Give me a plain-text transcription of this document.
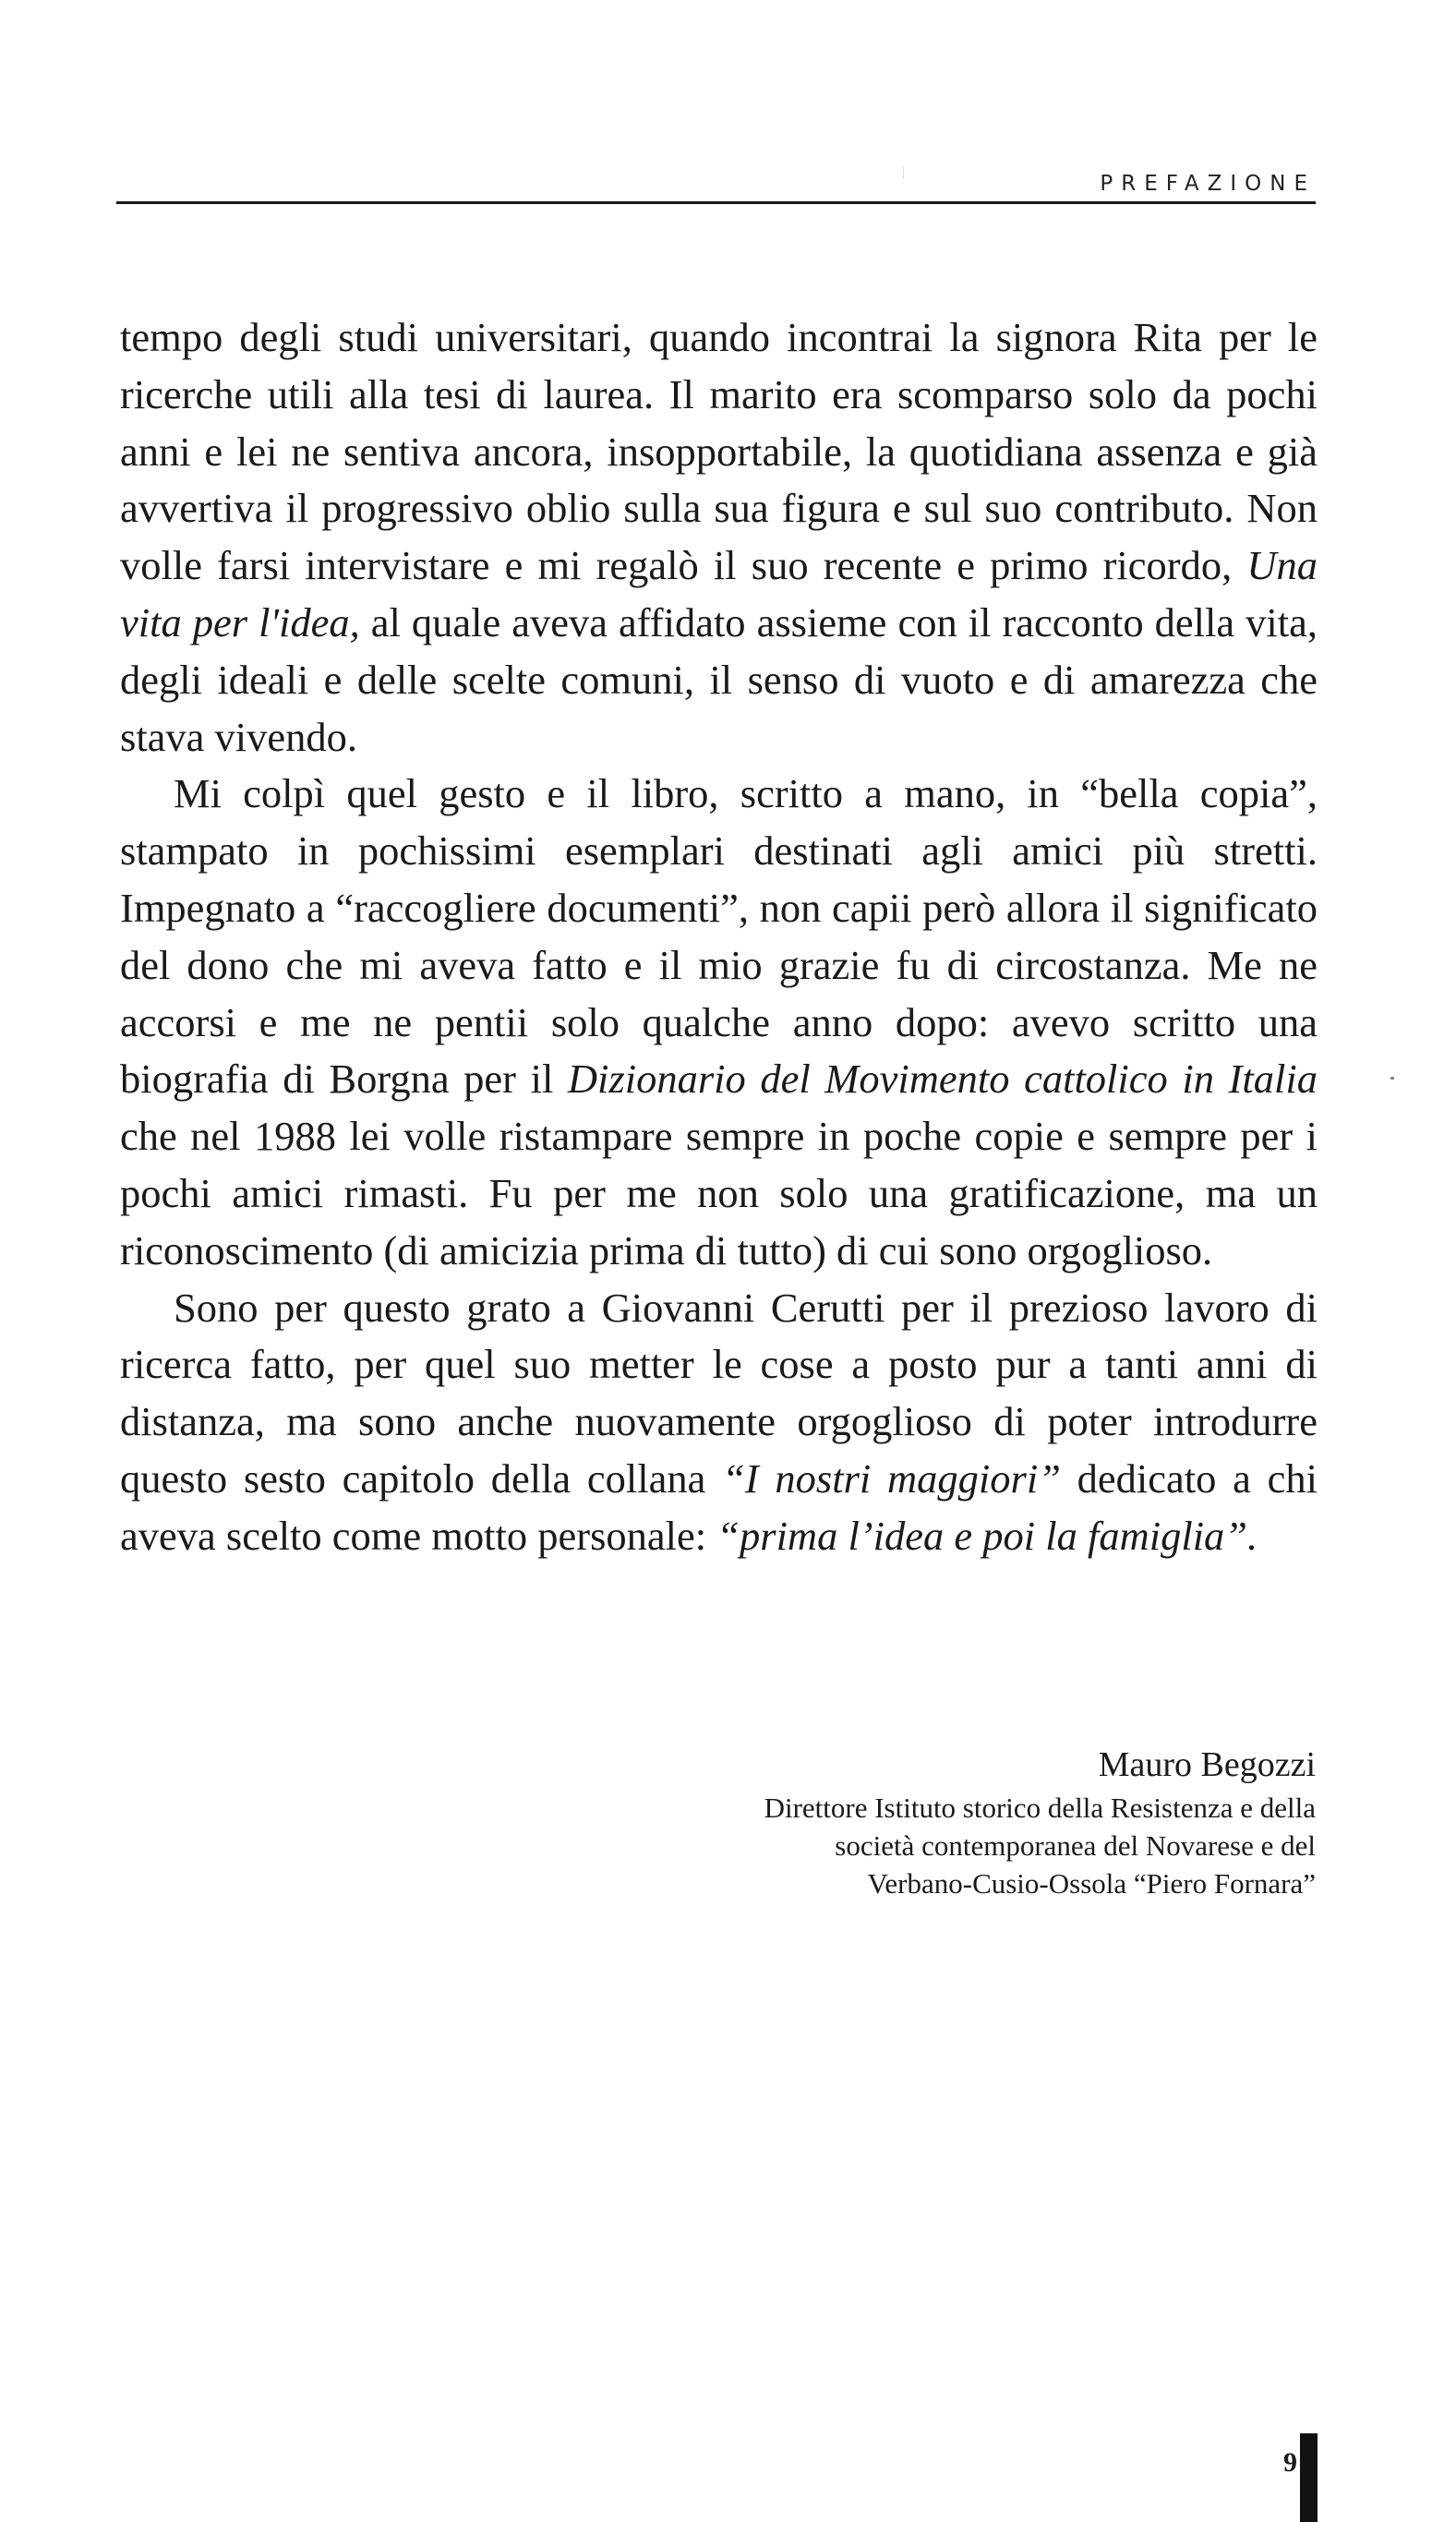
PREFAZIONE

tempo degli studi universitari, quando incontrai la signora Rita per le ricerche utili alla tesi di laurea. Il marito era scomparso solo da pochi anni e lei ne sentiva ancora, insopportabile, la quotidiana assenza e già avvertiva il progressivo oblio sulla sua figura e sul suo contributo. Non volle farsi intervistare e mi regalò il suo recente e primo ricordo, Una vita per l'idea, al quale aveva affidato assieme con il racconto della vita, degli ideali e delle scelte comuni, il senso di vuoto e di amarezza che stava vivendo.

Mi colpì quel gesto e il libro, scritto a mano, in “bella copia”, stampato in pochissimi esemplari destinati agli amici più stretti. Impegnato a “raccogliere documenti”, non capii però allora il significato del dono che mi aveva fatto e il mio grazie fu di circostanza. Me ne accorsi e me ne pentii solo qualche anno dopo: avevo scritto una biografia di Borgna per il Dizionario del Movimento cattolico in Italia che nel 1988 lei volle ristampare sempre in poche copie e sempre per i pochi amici rimasti. Fu per me non solo una gratificazione, ma un riconoscimento (di amicizia prima di tutto) di cui sono orgoglioso.

Sono per questo grato a Giovanni Cerutti per il prezioso lavoro di ricerca fatto, per quel suo metter le cose a posto pur a tanti anni di distanza, ma sono anche nuovamente orgoglioso di poter introdurre questo sesto capitolo della collana “I nostri maggiori” dedicato a chi aveva scelto come motto personale: “prima l’idea e poi la famiglia”.

Mauro Begozzi
Direttore Istituto storico della Resistenza e della
società contemporanea del Novarese e del
Verbano-Cusio-Ossola “Piero Fornara”
9
